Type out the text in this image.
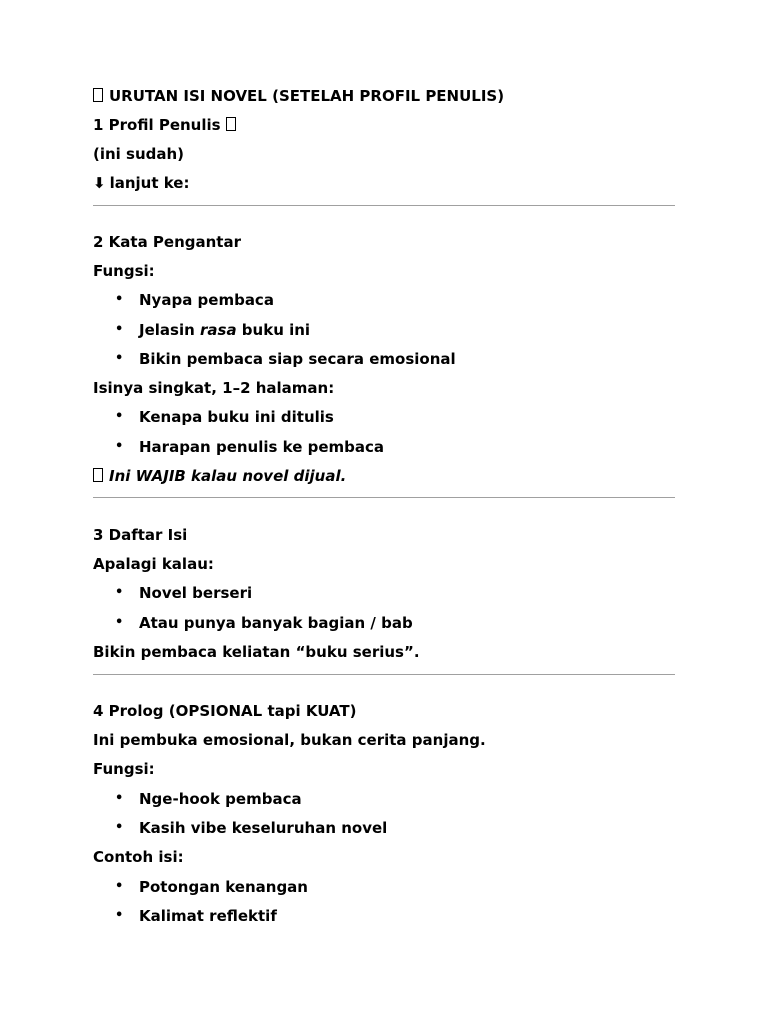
URUTAN ISI NOVEL (SETELAH PROFIL PENULIS)
1 Profil Penulis
(ini sudah)
⬇ lanjut ke:
2 Kata Pengantar
Fungsi:
• Nyapa pembaca
• Jelasin rasa buku ini
• Bikin pembaca siap secara emosional
Isinya singkat, 1–2 halaman:
• Kenapa buku ini ditulis
• Harapan penulis ke pembaca
Ini WAJIB kalau novel dijual.
3 Daftar Isi
Apalagi kalau:
• Novel berseri
• Atau punya banyak bagian / bab
Bikin pembaca keliatan “buku serius”.
4 Prolog (OPSIONAL tapi KUAT)
Ini pembuka emosional, bukan cerita panjang.
Fungsi:
• Nge-hook pembaca
• Kasih vibe keseluruhan novel
Contoh isi:
• Potongan kenangan
• Kalimat reflektif
